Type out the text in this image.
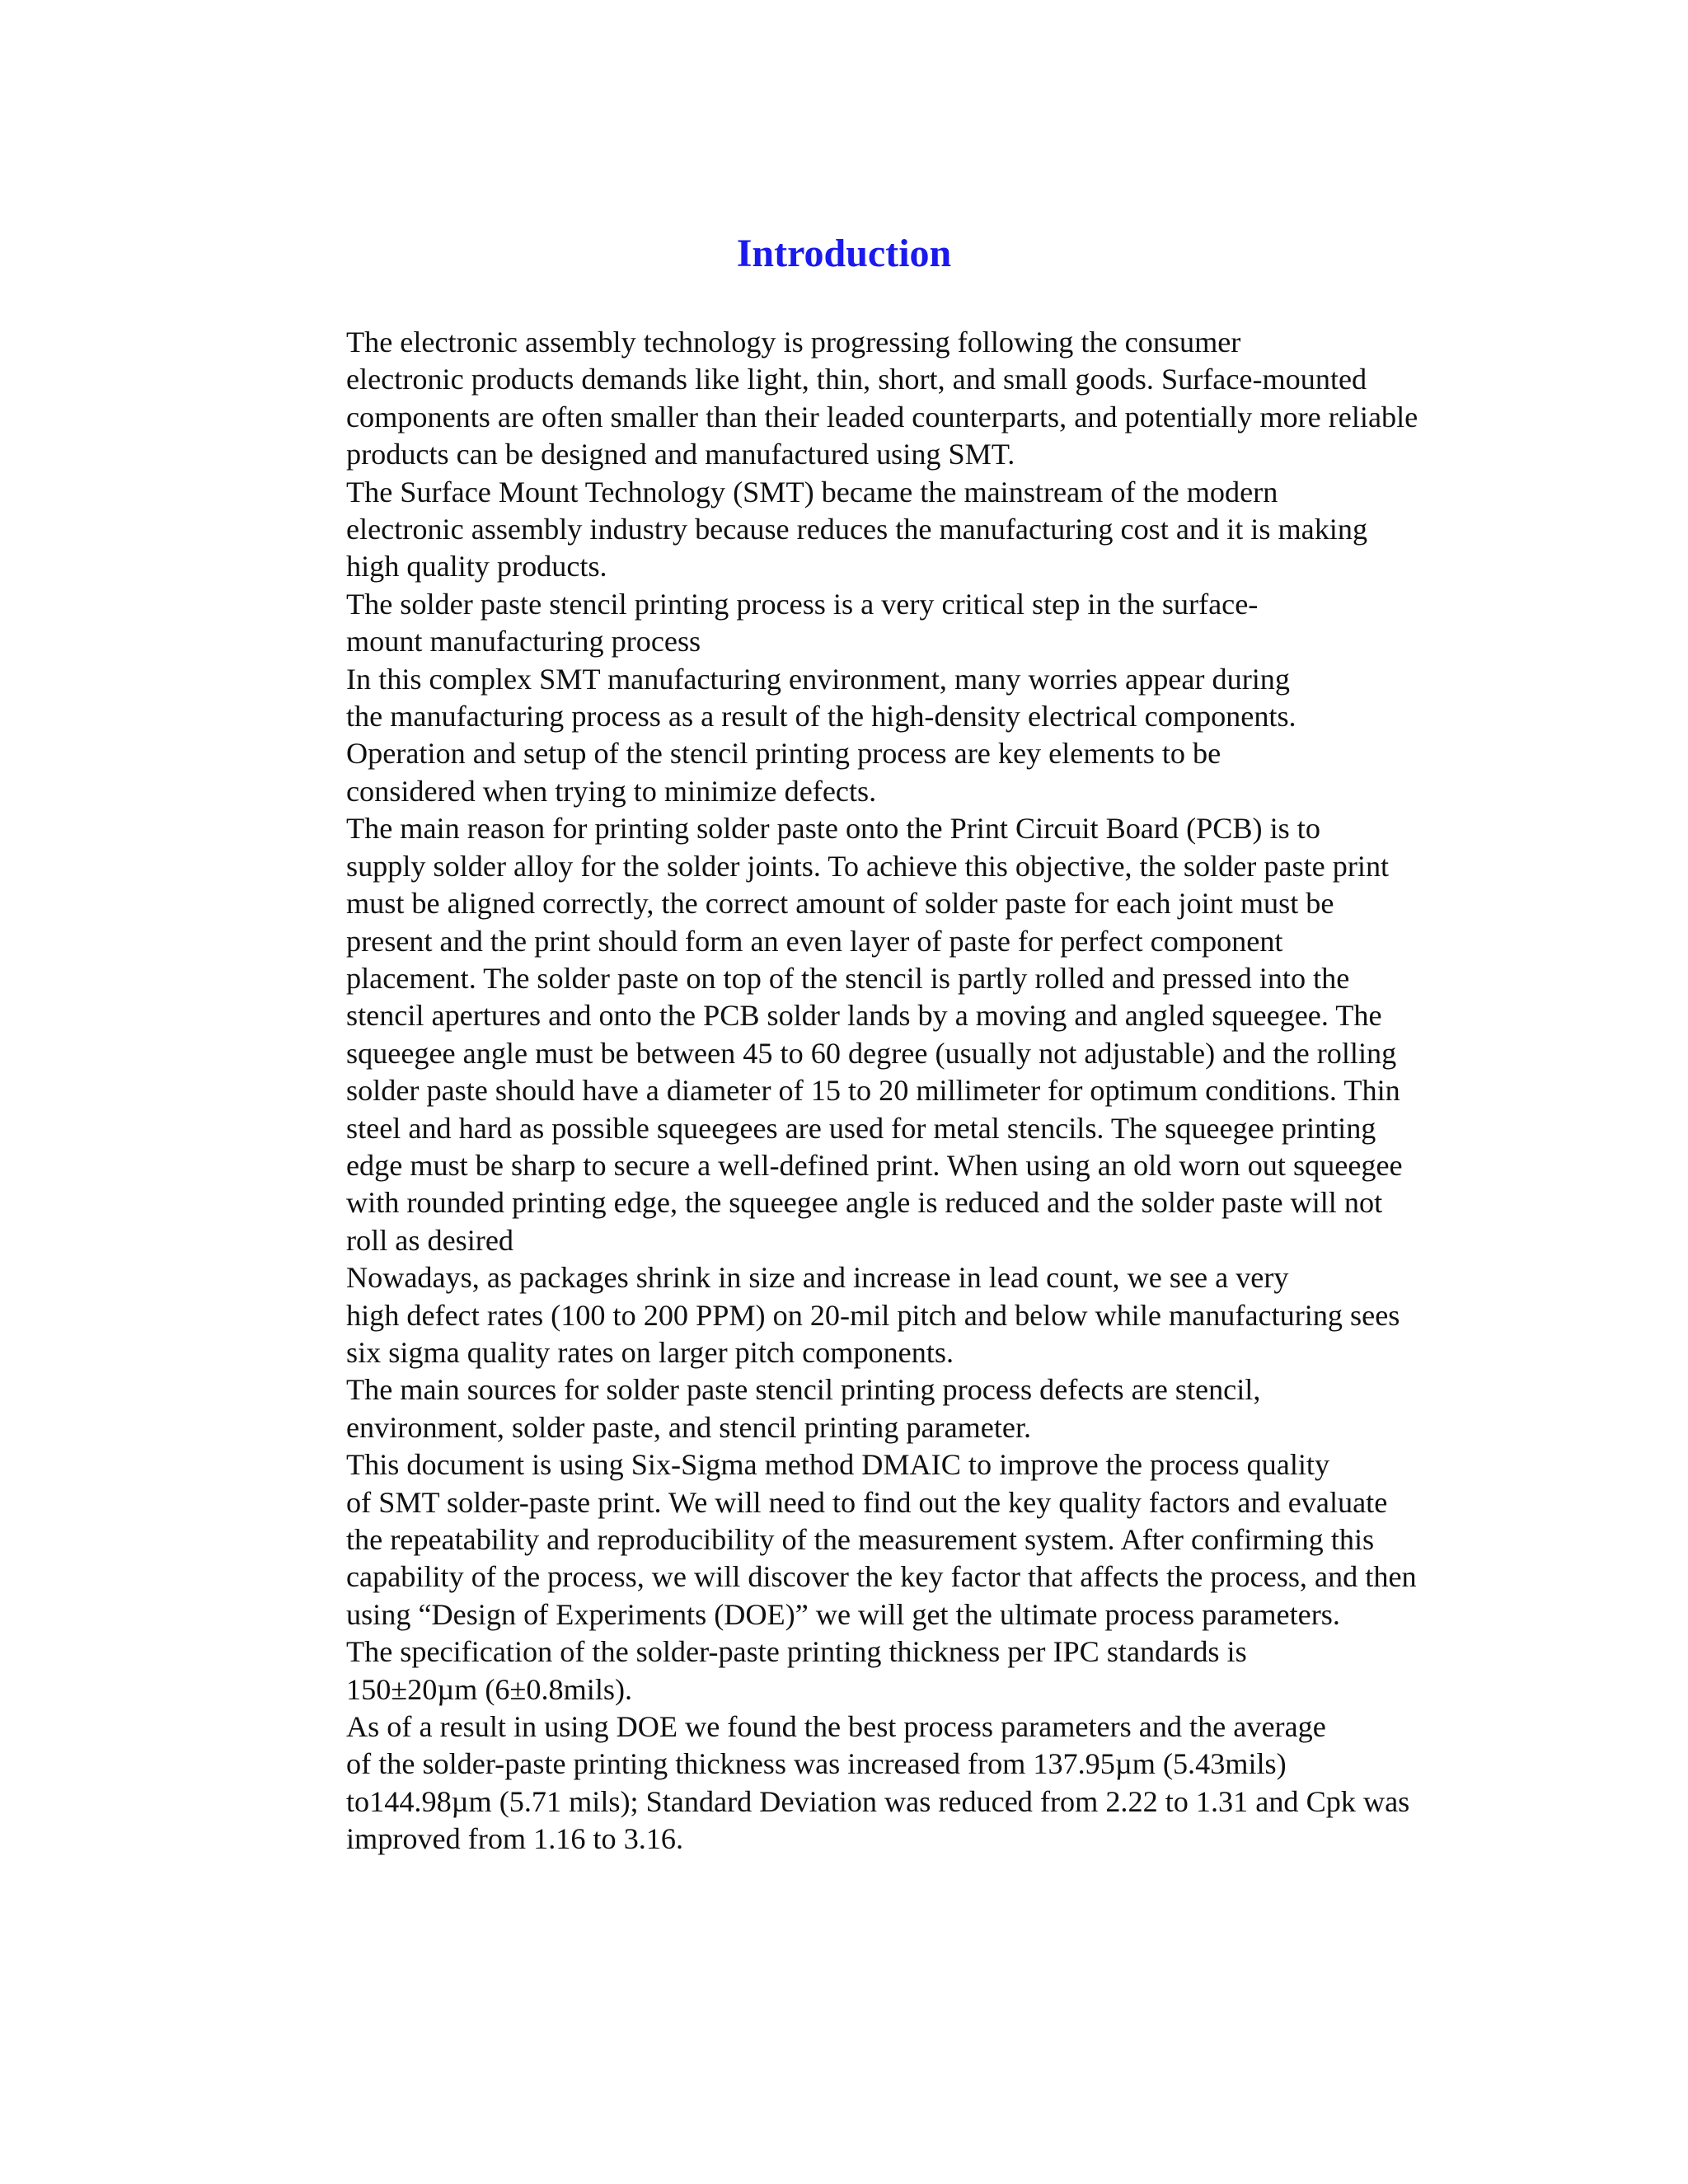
Introduction

The electronic assembly technology is progressing following the consumer
electronic products demands like light, thin, short, and small goods. Surface-mounted
components are often smaller than their leaded counterparts, and potentially more reliable
products can be designed and manufactured using SMT.

The Surface Mount Technology (SMT) became the mainstream of the modern
electronic assembly industry because reduces the manufacturing cost and it is making
high quality products.

The solder paste stencil printing process is a very critical step in the surface-
mount manufacturing process

In this complex SMT manufacturing environment, many worries appear during
the manufacturing process as a result of the high-density electrical components.

Operation and setup of the stencil printing process are key elements to be
considered when trying to minimize defects.

The main reason for printing solder paste onto the Print Circuit Board (PCB) is to
supply solder alloy for the solder joints. To achieve this objective, the solder paste print
must be aligned correctly, the correct amount of solder paste for each joint must be
present and the print should form an even layer of paste for perfect component
placement. The solder paste on top of the stencil is partly rolled and pressed into the
stencil apertures and onto the PCB solder lands by a moving and angled squeegee. The
squeegee angle must be between 45 to 60 degree (usually not adjustable) and the rolling
solder paste should have a diameter of 15 to 20 millimeter for optimum conditions. Thin
steel and hard as possible squeegees are used for metal stencils. The squeegee printing
edge must be sharp to secure a well-defined print. When using an old worn out squeegee
with rounded printing edge, the squeegee angle is reduced and the solder paste will not
roll as desired

Nowadays, as packages shrink in size and increase in lead count, we see a very
high defect rates (100 to 200 PPM) on 20-mil pitch and below while manufacturing sees
six sigma quality rates on larger pitch components.

The main sources for solder paste stencil printing process defects are stencil,
environment, solder paste, and stencil printing parameter.

This document is using Six-Sigma method DMAIC to improve the process quality
of SMT solder-paste print. We will need to find out the key quality factors and evaluate
the repeatability and reproducibility of the measurement system. After confirming this
capability of the process, we will discover the key factor that affects the process, and then
using “Design of Experiments (DOE)” we will get the ultimate process parameters.

The specification of the solder-paste printing thickness per IPC standards is
150±20µm (6±0.8mils).

As of a result in using DOE we found the best process parameters and the average
of the solder-paste printing thickness was increased from 137.95µm (5.43mils)
to144.98µm (5.71 mils); Standard Deviation was reduced from 2.22 to 1.31 and Cpk was
improved from 1.16 to 3.16.
